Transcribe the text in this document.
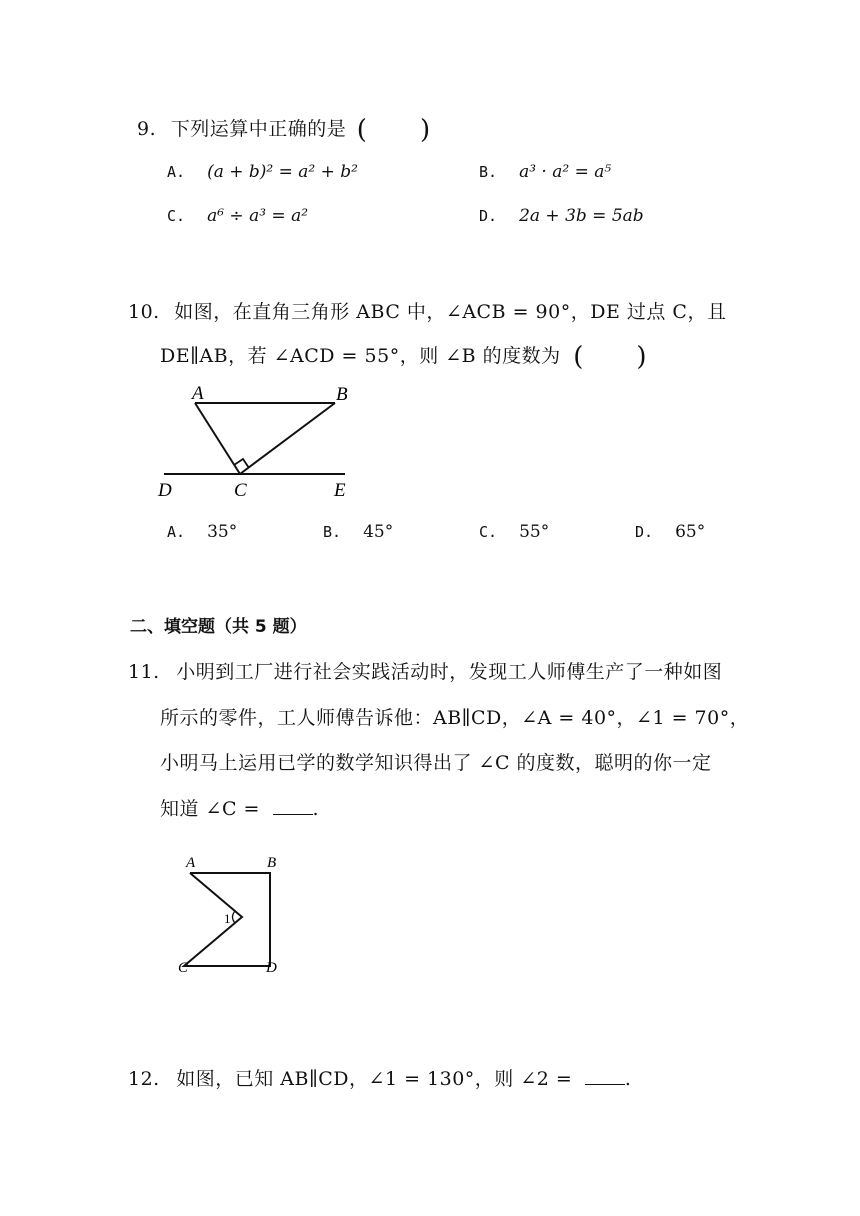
9. 下列运算中正确的是 (      )
A. (a + b)² = a² + b²	B. a³ · a² = a⁵
C. a⁶ ÷ a³ = a²	D. 2a + 3b = 5ab
10. 如图，在直角三角形 ABC 中，∠ACB = 90°，DE 过点 C，且
DE∥AB，若 ∠ACD = 55°，则 ∠B 的度数为 (      )
A	B
C
D	E
A. 35°	B. 45°	C. 55°	D. 65°
二、填空题（共 5 题）
11. 小明到工厂进行社会实践活动时，发现工人师傅生产了一种如图
所示的零件，工人师傅告诉他：AB∥CD，∠A = 40°，∠1 = 70°，
小明马上运用已学的数学知识得出了 ∠C 的度数，聪明的你一定
知道 ∠C =	.
A	B
C	D
1
12. 如图，已知 AB∥CD，∠1 = 130°，则 ∠2 =	.
